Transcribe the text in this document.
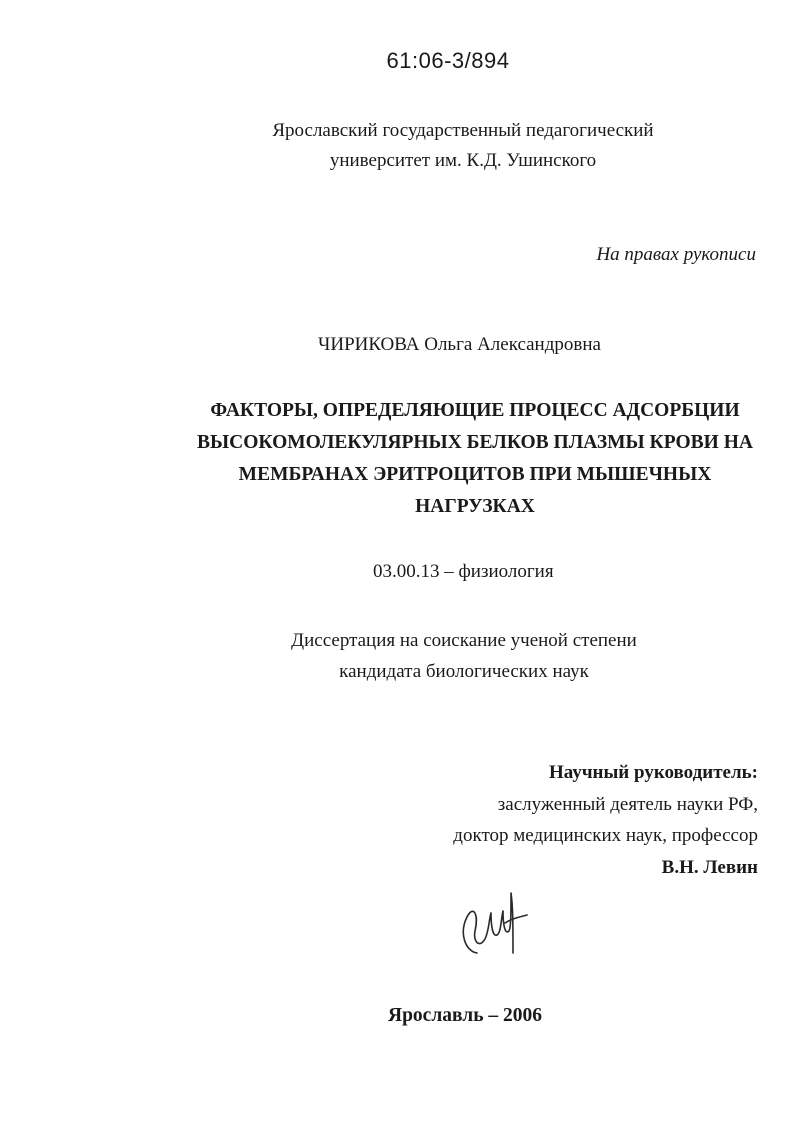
61:06-3/894
Ярославский государственный педагогический
университет им. К.Д. Ушинского
На правах рукописи
ЧИРИКОВА Ольга Александровна
ФАКТОРЫ, ОПРЕДЕЛЯЮЩИЕ ПРОЦЕСС АДСОРБЦИИ
ВЫСОКОМОЛЕКУЛЯРНЫХ БЕЛКОВ ПЛАЗМЫ КРОВИ НА
МЕМБРАНАХ ЭРИТРОЦИТОВ ПРИ МЫШЕЧНЫХ
НАГРУЗКАХ
03.00.13 – физиология
Диссертация на соискание ученой степени
кандидата биологических наук
Научный руководитель:
заслуженный деятель науки РФ,
доктор медицинских наук, профессор
В.Н. Левин
Ярославль – 2006
